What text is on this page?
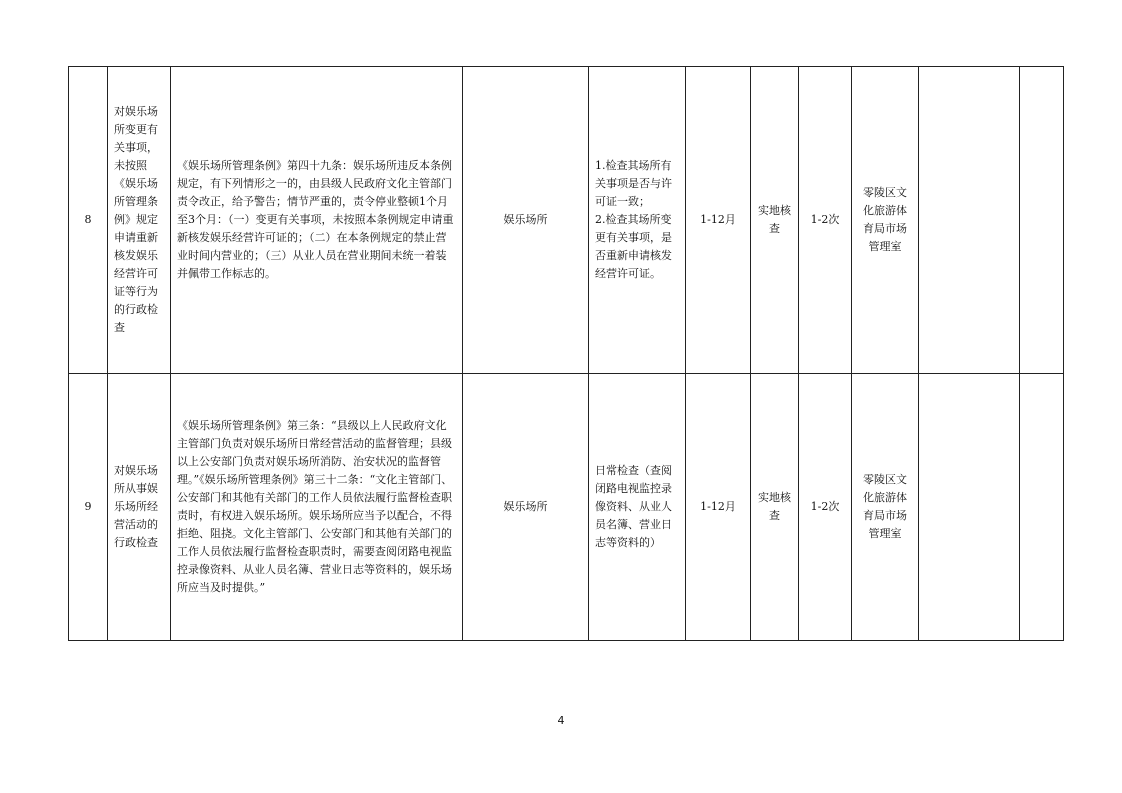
8	对娱乐场所变更有关事项，未按照《娱乐场所管理条例》规定申请重新核发娱乐经营许可证等行为的行政检查	《娱乐场所管理条例》第四十九条：娱乐场所违反本条例规定，有下列情形之一的，由县级人民政府文化主管部门责令改正，给予警告；情节严重的，责令停业整顿1个月至3个月：（一）变更有关事项，未按照本条例规定申请重新核发娱乐经营许可证的；（二）在本条例规定的禁止营业时间内营业的；（三）从业人员在营业期间未统一着装并佩带工作标志的。	娱乐场所	1.检查其场所有关事项是否与许可证一致；
2.检查其场所变更有关事项，是否重新申请核发经营许可证。	1-12月	实地核查	1-2次	零陵区文化旅游体育局市场管理室		
9	对娱乐场所从事娱乐场所经营活动的行政检查	《娱乐场所管理条例》第三条：“县级以上人民政府文化主管部门负责对娱乐场所日常经营活动的监督管理；县级以上公安部门负责对娱乐场所消防、治安状况的监督管理。”《娱乐场所管理条例》第三十二条：“文化主管部门、公安部门和其他有关部门的工作人员依法履行监督检查职责时，有权进入娱乐场所。娱乐场所应当予以配合，不得拒绝、阻挠。文化主管部门、公安部门和其他有关部门的工作人员依法履行监督检查职责时，需要查阅闭路电视监控录像资料、从业人员名簿、营业日志等资料的，娱乐场所应当及时提供。”	娱乐场所	日常检查（查阅闭路电视监控录像资料、从业人员名簿、营业日志等资料的）	1-12月	实地核查	1-2次	零陵区文化旅游体育局市场管理室		
4
